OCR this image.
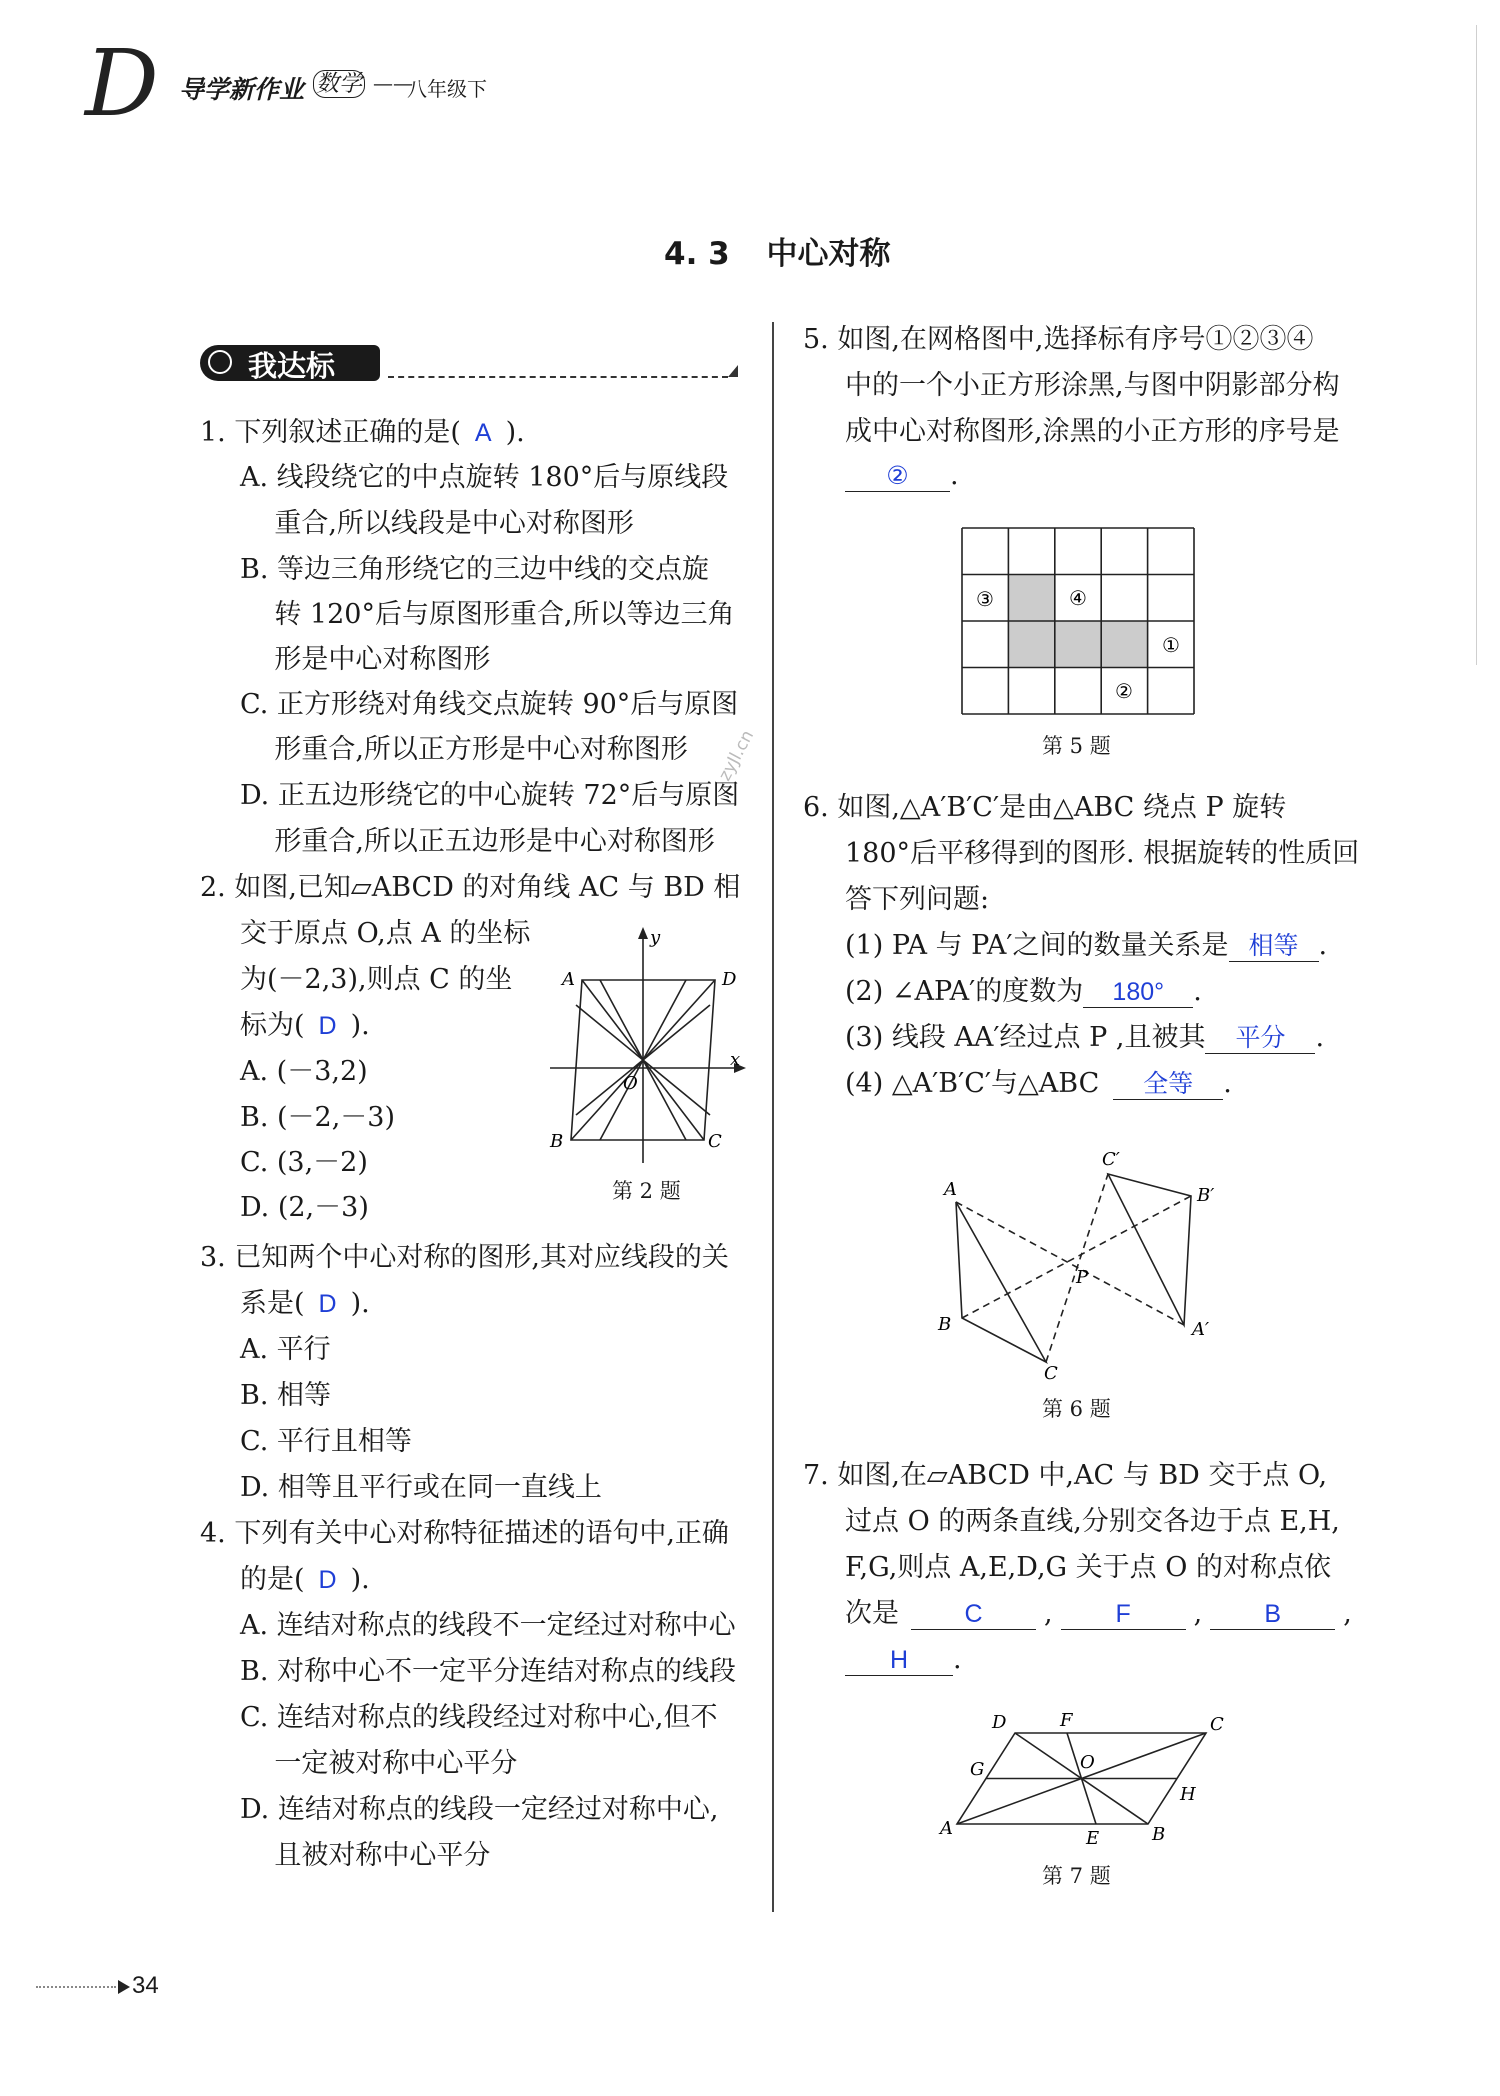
D 导学新作业 数学 ——
八年级下
4. 3 中心对称
我达标
1. 下列叙述正确的是( A ).
A. 线段绕它的中点旋转 180°后与原线段
重合,所以线段是中心对称图形
B. 等边三角形绕它的三边中线的交点旋
转 120°后与原图形重合,所以等边三角
形是中心对称图形
C. 正方形绕对角线交点旋转 90°后与原图
形重合,所以正方形是中心对称图形
D. 正五边形绕它的中心旋转 72°后与原图
形重合,所以正五边形是中心对称图形
2. 如图,已知▱ABCD 的对角线 AC 与 BD 相
交于原点 O,点 A 的坐标
为(－2,3),则点 C 的坐
标为( D ).
A. (－3,2)
B. (－2,－3)
C. (3,－2)
D. (2,－3)
y
x
A	D
B	C
O
第 2 题
3. 已知两个中心对称的图形,其对应线段的关
系是( D ).
A. 平行
B. 相等
C. 平行且相等
D. 相等且平行或在同一直线上
4. 下列有关中心对称特征描述的语句中,正确
的是( D ).
A. 连结对称点的线段不一定经过对称中心
B. 对称中心不一定平分连结对称点的线段
C. 连结对称点的线段经过对称中心,但不
一定被对称中心平分
D. 连结对称点的线段一定经过对称中心,
且被对称中心平分
5. 如图,在网格图中,选择标有序号①②③④
中的一个小正方形涂黑,与图中阴影部分构
成中心对称图形,涂黑的小正方形的序号是
② .
③	④
①
②
第 5 题
zyJl.cn
6. 如图,△A′B′C′是由△ABC 绕点 P 旋转
180°后平移得到的图形. 根据旋转的性质回
答下列问题:
(1) PA 与 PA′之间的数量关系是 相等 .
(2) ∠APA′的度数为 180° .
(3) 线段 AA′经过点 P ,且被其 平分 .
(4) △A′B′C′与△ABC 全等 .
A
B
C
C′
B′
A′
P
第 6 题
7. 如图,在▱ABCD 中,AC 与 BD 交于点 O,
过点 O 的两条直线,分别交各边于点 E,H,
F,G,则点 A,E,D,G 关于点 O 的对称点依
次是	C ,	F , B ,
H .
D	F	C
G	O
H
A	E	B
第 7 题
34
